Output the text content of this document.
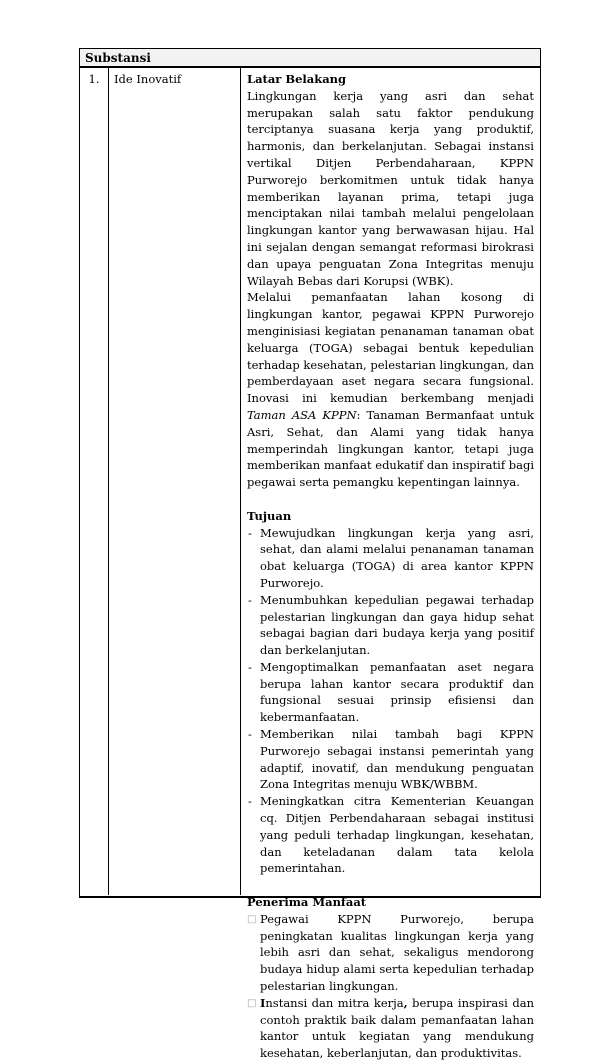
Substansi
1.	Ide Inovatif	Latar Belakang

Lingkungan kerja yang asri dan sehat merupakan salah satu faktor pendukung terciptanya suasana kerja yang produktif, harmonis, dan berkelanjutan. Sebagai instansi vertikal Ditjen Perbendaharaan, KPPN Purworejo berkomitmen untuk tidak hanya memberikan layanan prima, tetapi juga menciptakan nilai tambah melalui pengelolaan lingkungan kantor yang berwawasan hijau. Hal ini sejalan dengan semangat reformasi birokrasi dan upaya penguatan Zona Integritas menuju Wilayah Bebas dari Korupsi (WBK).

Melalui pemanfaatan lahan kosong di lingkungan kantor, pegawai KPPN Purworejo menginisiasi kegiatan penanaman tanaman obat keluarga (TOGA) sebagai bentuk kepedulian terhadap kesehatan, pelestarian lingkungan, dan pemberdayaan aset negara secara fungsional. Inovasi ini kemudian berkembang menjadi Taman ASA KPPN: Tanaman Bermanfaat untuk Asri, Sehat, dan Alami yang tidak hanya memperindah lingkungan kantor, tetapi juga memberikan manfaat edukatif dan inspiratif bagi pegawai serta pemangku kepentingan lainnya.

Tujuan
- Mewujudkan lingkungan kerja yang asri, sehat, dan alami melalui penanaman tanaman obat keluarga (TOGA) di area kantor KPPN Purworejo.
- Menumbuhkan kepedulian pegawai terhadap pelestarian lingkungan dan gaya hidup sehat sebagai bagian dari budaya kerja yang positif dan berkelanjutan.
- Mengoptimalkan pemanfaatan aset negara berupa lahan kantor secara produktif dan fungsional sesuai prinsip efisiensi dan kebermanfaatan.
- Memberikan nilai tambah bagi KPPN Purworejo sebagai instansi pemerintah yang adaptif, inovatif, dan mendukung penguatan Zona Integritas menuju WBK/WBBM.
- Meningkatkan citra Kementerian Keuangan cq. Ditjen Perbendaharaan sebagai institusi yang peduli terhadap lingkungan, kesehatan, dan keteladanan dalam tata kelola pemerintahan.
Penerima Manfaat
□ Pegawai KPPN Purworejo, berupa peningkatan kualitas lingkungan kerja yang lebih asri dan sehat, sekaligus mendorong budaya hidup alami serta kepedulian terhadap pelestarian lingkungan.
□ Instansi dan mitra kerja, berupa inspirasi dan contoh praktik baik dalam pemanfaatan lahan kantor untuk kegiatan yang mendukung kesehatan, keberlanjutan, dan produktivitas.
